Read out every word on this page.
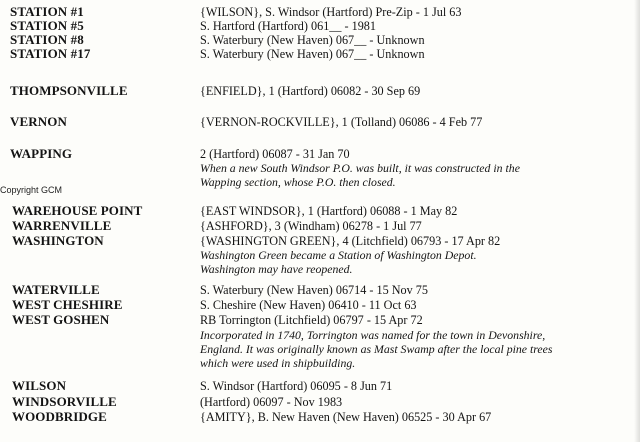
STATION #1	{WILSON}, S. Windsor (Hartford) Pre-Zip - 1 Jul 63
STATION #5	S. Hartford (Hartford) 061__ - 1981
STATION #8	S. Waterbury (New Haven) 067__ - Unknown
STATION #17	S. Waterbury (New Haven) 067__ - Unknown
THOMPSONVILLE	{ENFIELD}, 1 (Hartford) 06082 - 30 Sep 69
VERNON	{VERNON-ROCKVILLE}, 1 (Tolland) 06086 - 4 Feb 77
WAPPING	2 (Hartford) 06087 - 31 Jan 70
When a new South Windsor P.O. was built, it was constructed in the
Wapping section, whose P.O. then closed.
Copyright GCM
WAREHOUSE POINT	{EAST WINDSOR}, 1 (Hartford) 06088 - 1 May 82
WARRENVILLE	{ASHFORD}, 3 (Windham) 06278 - 1 Jul 77
WASHINGTON	{WASHINGTON GREEN}, 4 (Litchfield) 06793 - 17 Apr 82
Washington Green became a Station of Washington Depot.
Washington may have reopened.
WATERVILLE	S. Waterbury (New Haven) 06714 - 15 Nov 75
WEST CHESHIRE	S. Cheshire (New Haven) 06410 - 11 Oct 63
WEST GOSHEN	RB Torrington (Litchfield) 06797 - 15 Apr 72
Incorporated in 1740, Torrington was named for the town in Devonshire,
England. It was originally known as Mast Swamp after the local pine trees
which were used in shipbuilding.
WILSON	S. Windsor (Hartford) 06095 - 8 Jun 71
WINDSORVILLE	(Hartford) 06097 - Nov 1983
WOODBRIDGE	{AMITY}, B. New Haven (New Haven) 06525 - 30 Apr 67
